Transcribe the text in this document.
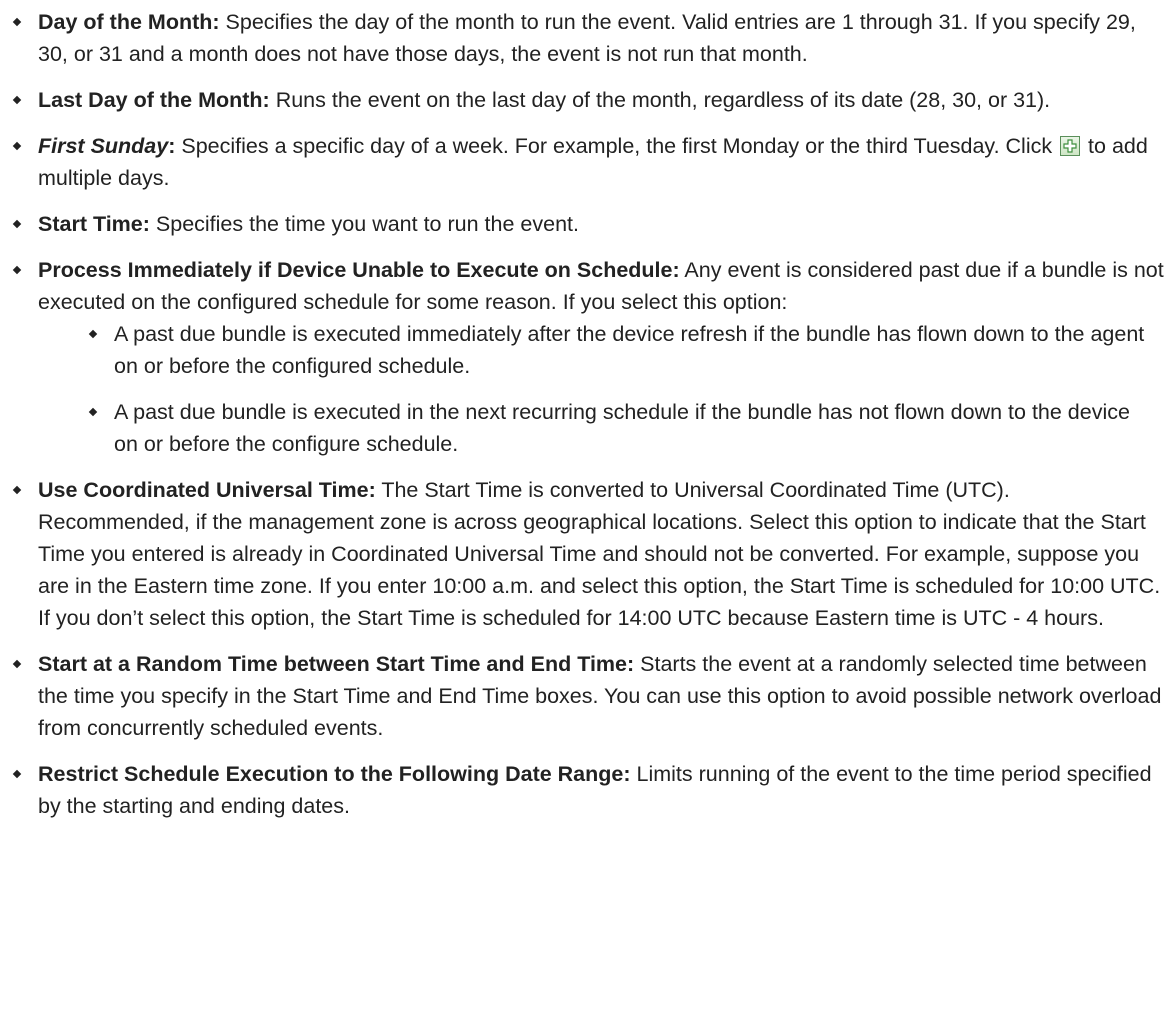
Day of the Month: Specifies the day of the month to run the event. Valid entries are 1 through 31. If you specify 29, 30, or 31 and a month does not have those days, the event is not run that month.
Last Day of the Month: Runs the event on the last day of the month, regardless of its date (28, 30, or 31).
First Sunday: Specifies a specific day of a week. For example, the first Monday or the third Tuesday. Click
to add multiple days.
Start Time: Specifies the time you want to run the event.
Process Immediately if Device Unable to Execute on Schedule: Any event is considered past due if a bundle is not executed on the configured schedule for some reason. If you select this option:
A past due bundle is executed immediately after the device refresh if the bundle has flown down to the agent on or before the configured schedule.
A past due bundle is executed in the next recurring schedule if the bundle has not flown down to the device on or before the configure schedule.
Use Coordinated Universal Time: The Start Time is converted to Universal Coordinated Time (UTC). Recommended, if the management zone is across geographical locations. Select this option to indicate that the Start Time you entered is already in Coordinated Universal Time and should not be converted. For example, suppose you are in the Eastern time zone. If you enter 10:00 a.m. and select this option, the Start Time is scheduled for 10:00 UTC. If you don’t select this option, the Start Time is scheduled for 14:00 UTC because Eastern time is UTC - 4 hours.
Start at a Random Time between Start Time and End Time: Starts the event at a randomly selected time between the time you specify in the Start Time and End Time boxes. You can use this option to avoid possible network overload from concurrently scheduled events.
Restrict Schedule Execution to the Following Date Range: Limits running of the event to the time period specified by the starting and ending dates.
